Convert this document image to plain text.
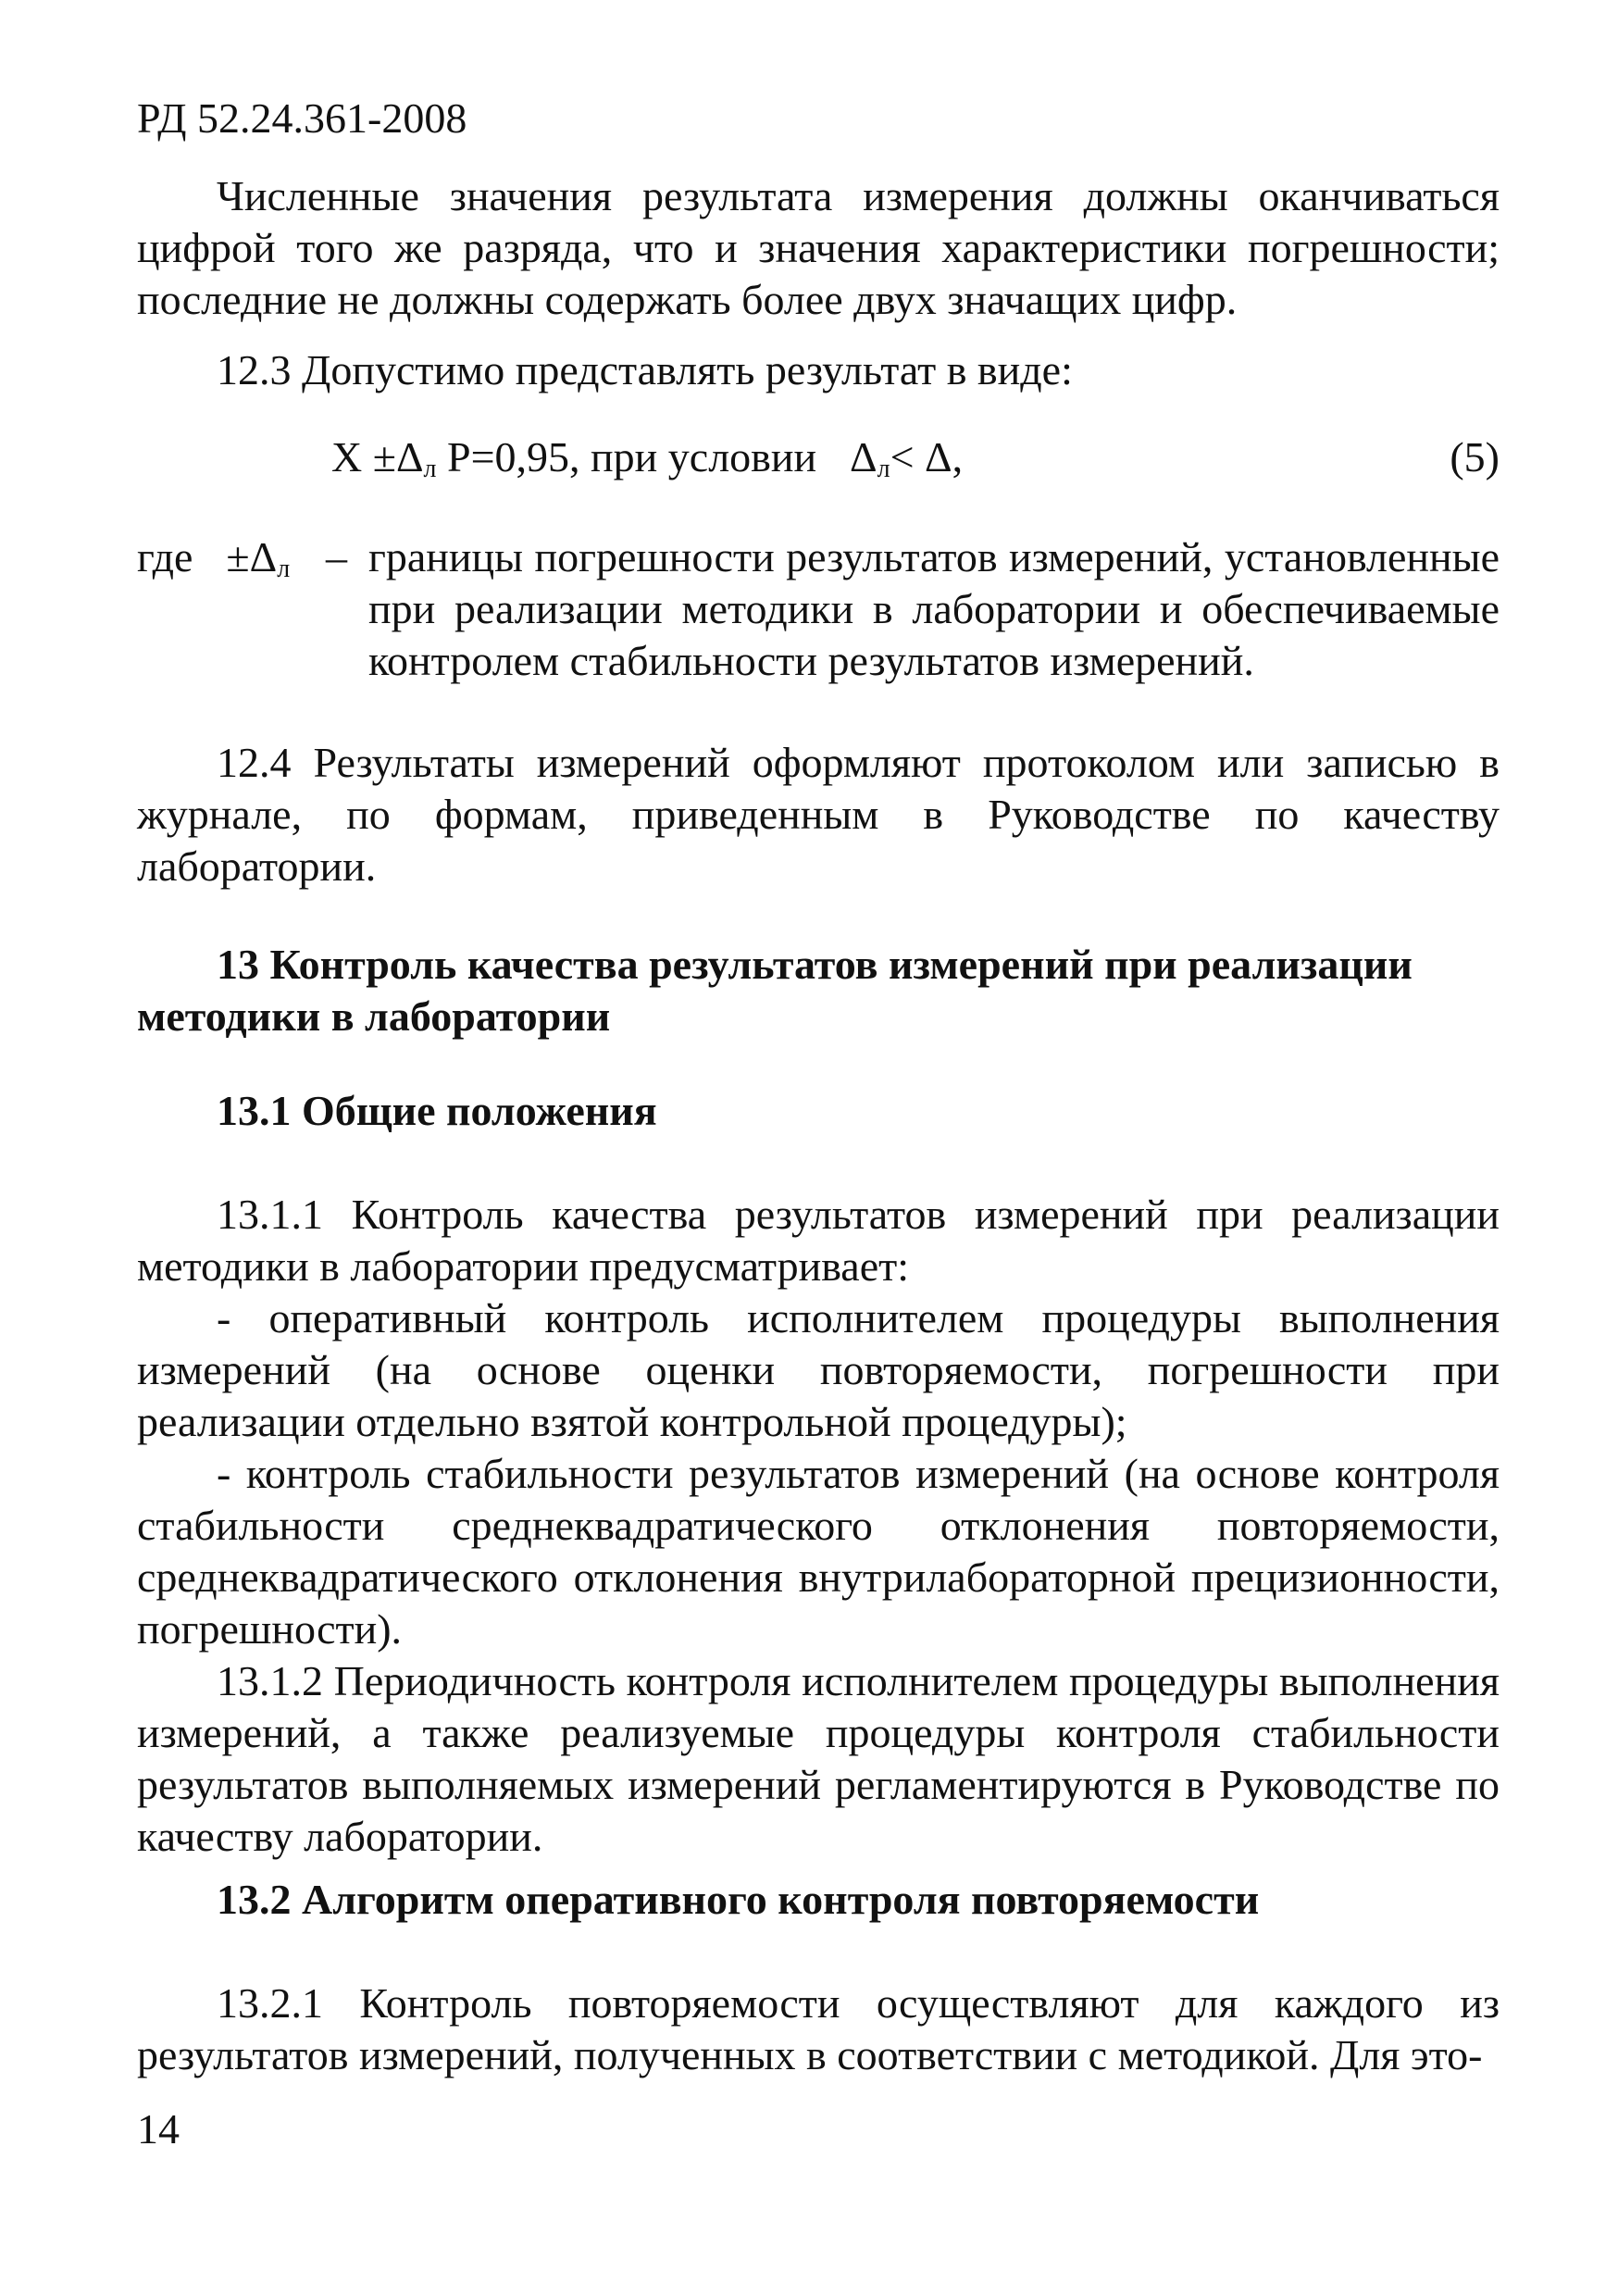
РД 52.24.361-2008

Численные значения результата измерения должны оканчиваться цифрой того же разряда, что и значения характеристики погрешности; последние не должны содержать более двух значащих цифр.

12.3 Допустимо представлять результат в виде:

$X \pm\Delta_л$ P=0,95, при условии $\Delta_л< \Delta$,	(5)
где $\pm\Delta_л$ – границы погрешности результатов измерений, установленные при реализации методики в лаборатории и обеспечиваемые контролем стабильности результатов измерений.

12.4 Результаты измерений оформляют протоколом или записью в журнале, по формам, приведенным в Руководстве по качеству лаборатории.

13 Контроль качества результатов измерений при реализации методики в лаборатории

13.1 Общие положения

13.1.1 Контроль качества результатов измерений при реализации методики в лаборатории предусматривает:

- оперативный контроль исполнителем процедуры выполнения измерений (на основе оценки повторяемости, погрешности при реализации отдельно взятой контрольной процедуры);

- контроль стабильности результатов измерений (на основе контроля стабильности среднеквадратического отклонения повторяемости, среднеквадратического отклонения внутрилабораторной прецизионности, погрешности).

13.1.2 Периодичность контроля исполнителем процедуры выполнения измерений, а также реализуемые процедуры контроля стабильности результатов выполняемых измерений регламентируются в Руководстве по качеству лаборатории.

13.2 Алгоритм оперативного контроля повторяемости

13.2.1 Контроль повторяемости осуществляют для каждого из результатов измерений, полученных в соответствии с методикой. Для это-

14
